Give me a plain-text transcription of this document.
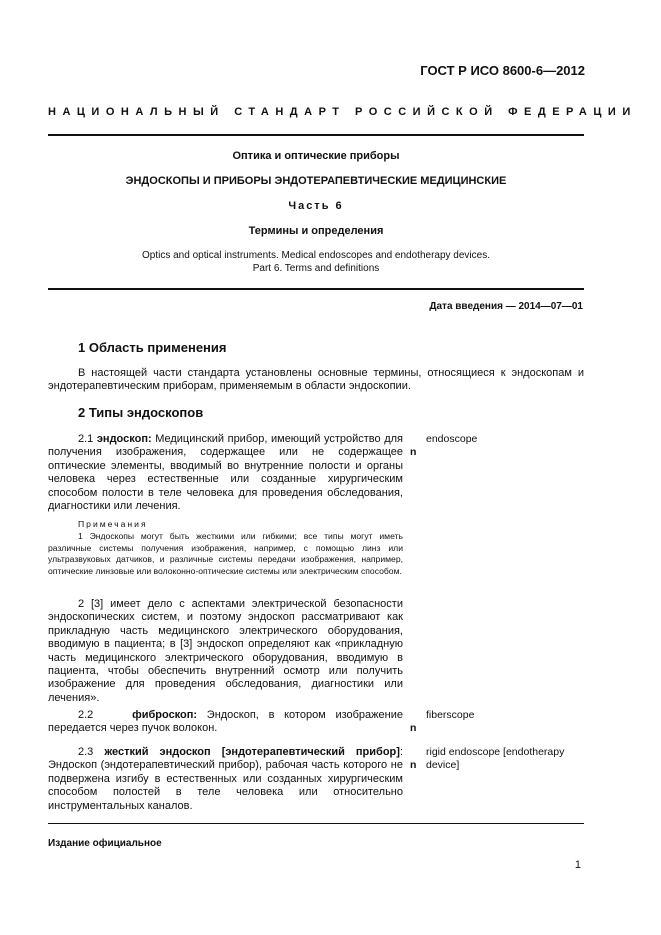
ГОСТ Р ИСО 8600-6—2012
НАЦИОНАЛЬНЫЙ СТАНДАРТ РОССИЙСКОЙ ФЕДЕРАЦИИ
Оптика и оптические приборы
ЭНДОСКОПЫ И ПРИБОРЫ ЭНДОТЕРАПЕВТИЧЕСКИЕ МЕДИЦИНСКИЕ
Часть 6
Термины и определения
Optics and optical instruments. Medical endoscopes and endotherapy devices.
Part 6. Terms and definitions
Дата введения — 2014—07—01
1 Область применения
В настоящей части стандарта установлены основные термины, относящиеся к эндоскопам и эндотерапевтическим приборам, применяемым в области эндоскопии.
2 Типы эндоскопов
2.1 эндоскоп: Медицинский прибор, имеющий устройство для получения изображения, содержащее или не содержащее оптические элементы, вводимый во внутренние полости и органы человека через естественные или созданные хирургическим способом полости в теле человека для проведения обследования, диагностики или лечения.
n
endoscope
Примечания
1 Эндоскопы могут быть жесткими или гибкими; все типы могут иметь различные системы получения изображения, например, с помощью линз или ультразвуковых датчиков, и различные системы передачи изображения, например, оптические линзовые или волоконно-оптические системы или электрическим способом.
2 [3] имеет дело с аспектами электрической безопасности эндоскопических систем, и поэтому эндоскоп рассматривают как прикладную часть медицинского электрического оборудования, вводимую в пациента; в [3] эндоскоп определяют как «прикладную часть медицинского электрического оборудования, вводимую в пациента, чтобы обеспечить внутренний осмотр или получить изображение для проведения обследования, диагностики или лечения».
2.2	фиброскоп: Эндоскоп, в котором изображение передается через пучок волокон.	n
fiberscope
2.3 жесткий эндоскоп [эндотерапевтический прибор]: Эндоскоп (эндотерапевтический прибор), рабочая часть которого не подвержена изгибу в естественных или созданных хирургическим способом полостей в теле человека или относительно инструментальных каналов.
n
rigid endoscope [endotherapy device]
Издание официальное
1
